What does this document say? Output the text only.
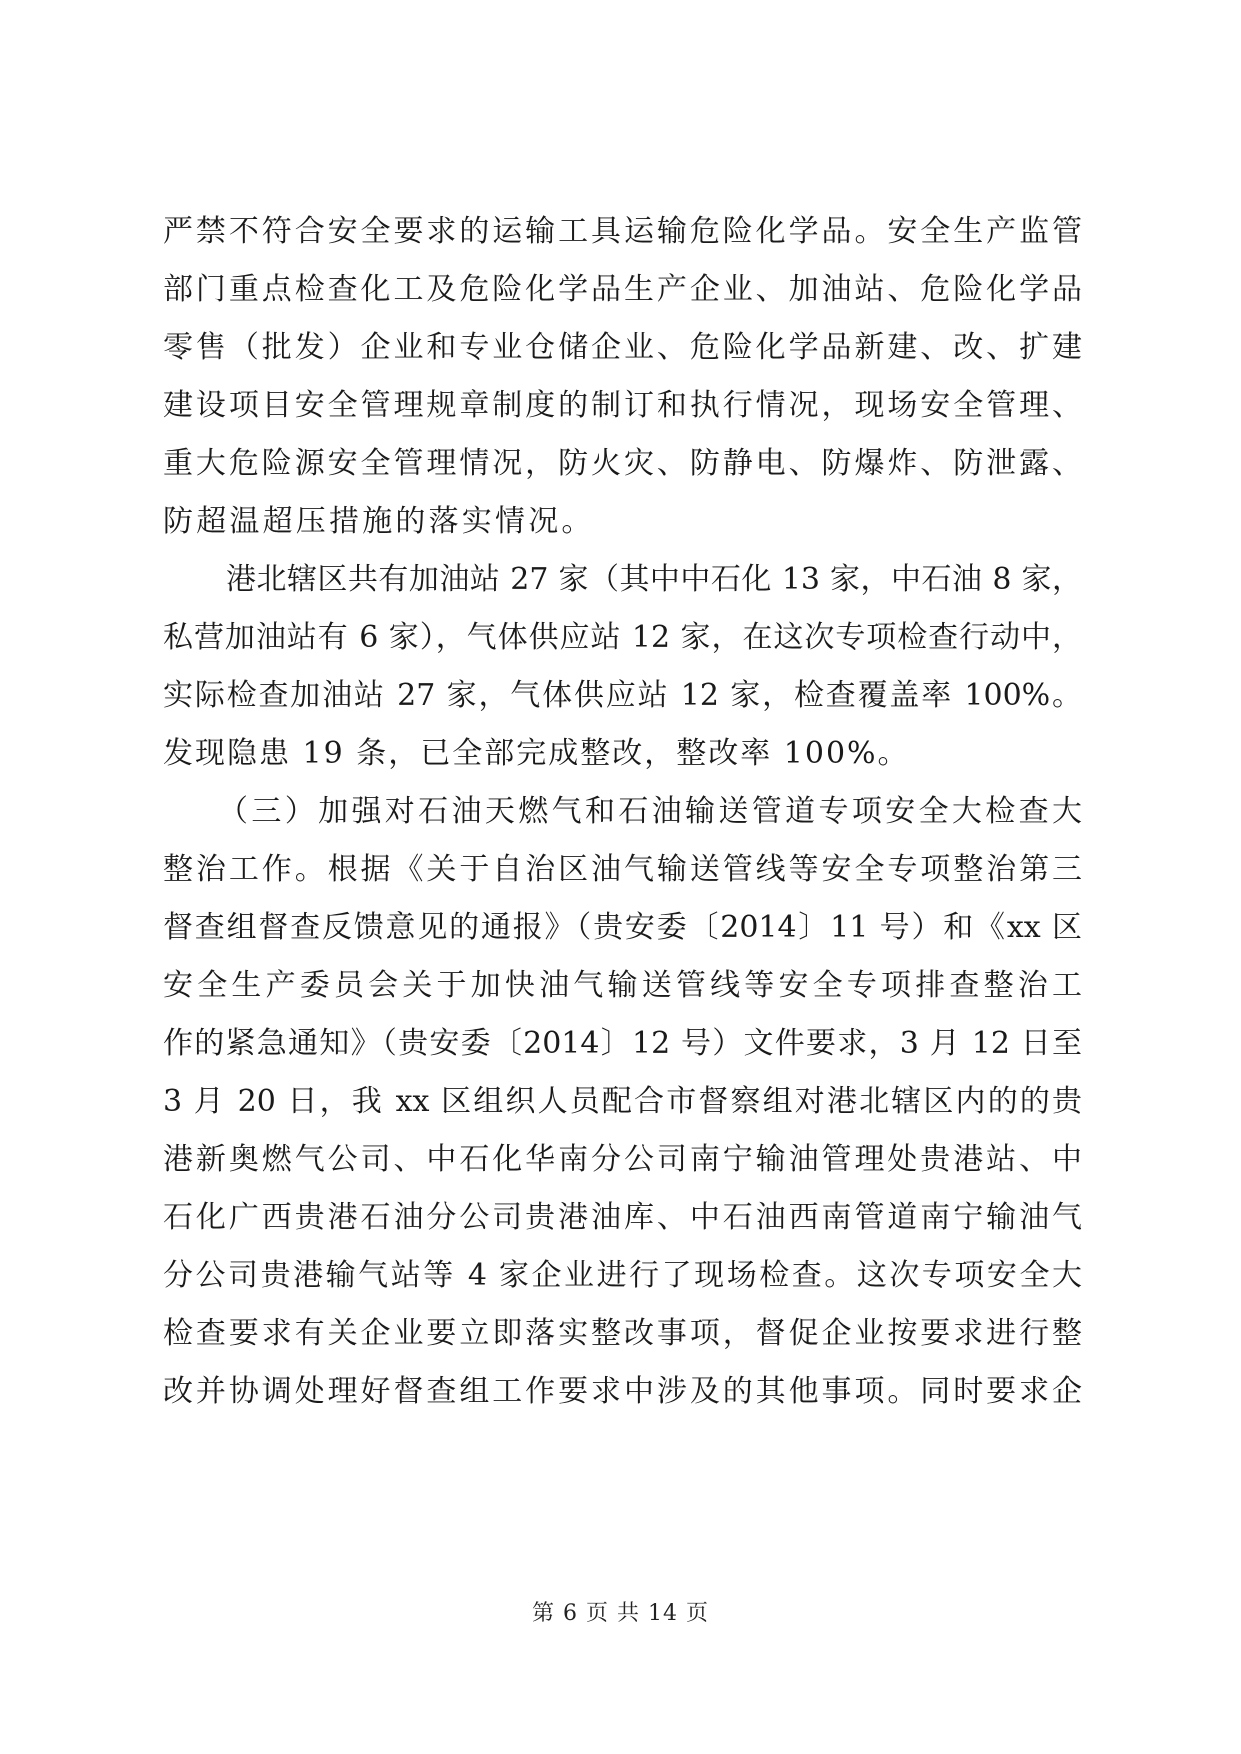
严禁不符合安全要求的运输工具运输危险化学品。安全生产监管
部门重点检查化工及危险化学品生产企业、加油站、危险化学品
零售（批发）企业和专业仓储企业、危险化学品新建、改、扩建
建设项目安全管理规章制度的制订和执行情况，现场安全管理、
重大危险源安全管理情况，防火灾、防静电、防爆炸、防泄露、
防超温超压措施的落实情况。
港北辖区共有加油站 27 家（其中中石化 13 家，中石油 8 家，
私营加油站有 6 家），气体供应站 12 家，在这次专项检查行动中，
实际检查加油站 27 家，气体供应站 12 家，检查覆盖率 100%。
发现隐患 19 条，已全部完成整改，整改率 100%。
（三）加强对石油天燃气和石油输送管道专项安全大检查大
整治工作。根据《关于自治区油气输送管线等安全专项整治第三
督查组督查反馈意见的通报》（贵安委〔2014〕11 号）和《xx 区
安全生产委员会关于加快油气输送管线等安全专项排查整治工
作的紧急通知》（贵安委〔2014〕12 号）文件要求，3 月 12 日至
3 月 20 日，我 xx 区组织人员配合市督察组对港北辖区内的的贵
港新奥燃气公司、中石化华南分公司南宁输油管理处贵港站、中
石化广西贵港石油分公司贵港油库、中石油西南管道南宁输油气
分公司贵港输气站等 4 家企业进行了现场检查。这次专项安全大
检查要求有关企业要立即落实整改事项，督促企业按要求进行整
改并协调处理好督查组工作要求中涉及的其他事项。同时要求企
第 6 页 共 14 页
